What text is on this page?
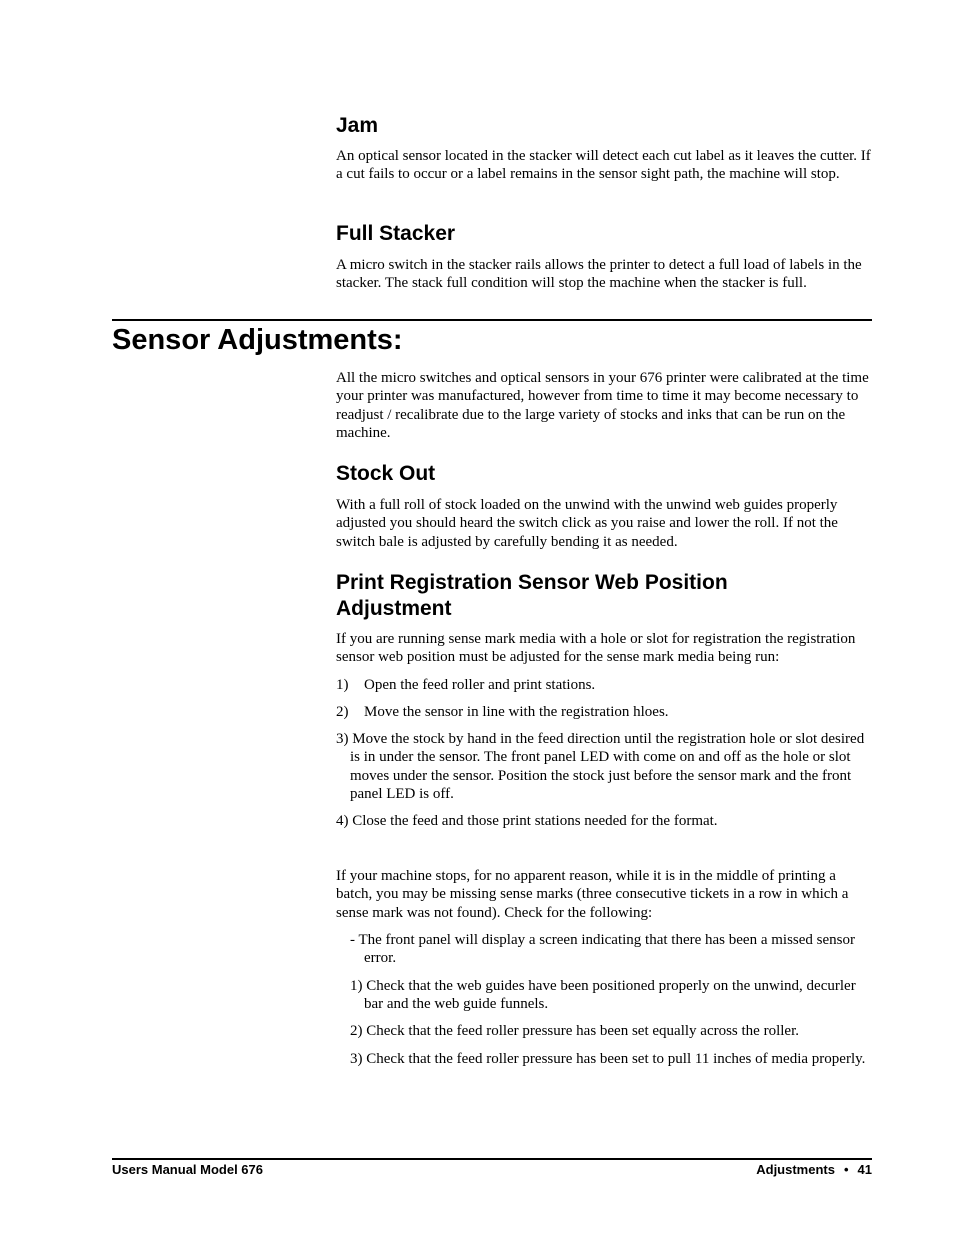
Jam

An optical sensor located in the stacker will detect each cut label as it leaves the cutter. If a cut fails to occur or a label remains in the sensor sight path, the machine will stop.

Full Stacker

A micro switch in the stacker rails allows the printer to detect a full load of labels in the stacker. The stack full condition will stop the machine when the stacker is full.

Sensor Adjustments:

All the micro switches and optical sensors in your 676 printer were calibrated at the time your printer was manufactured, however from time to time it may become necessary to readjust / recalibrate due to the large variety of stocks and inks that can be run on the machine.

Stock Out

With a full roll of stock loaded on the unwind with the unwind web guides properly adjusted you should heard the switch click as you raise and lower the roll. If not the switch bale is adjusted by carefully bending it as needed.

Print Registration Sensor Web Position
Adjustment

If you are running sense mark media with a hole or slot for registration the registration sensor web position must be adjusted for the sense mark media being run:

1) Open the feed roller and print stations.

2) Move the sensor in line with the registration hloes.

3) Move the stock by hand in the feed direction until the registration hole or slot desired is in under the sensor. The front panel LED with come on and off as the hole or slot moves under the sensor. Position the stock just before the sensor mark and the front panel LED is off.

4) Close the feed and those print stations needed for the format.

If your machine stops, for no apparent reason, while it is in the middle of printing a batch, you may be missing sense marks (three consecutive tickets in a row in which a sense mark was not found). Check for the following:

- The front panel will display a screen indicating that there has been a missed sensor error.

1) Check that the web guides have been positioned properly on the unwind, decurler bar and the web guide funnels.

2) Check that the feed roller pressure has been set equally across the roller.

3) Check that the feed roller pressure has been set to pull 11 inches of media properly.

Users Manual Model 676	Adjustments • 41
